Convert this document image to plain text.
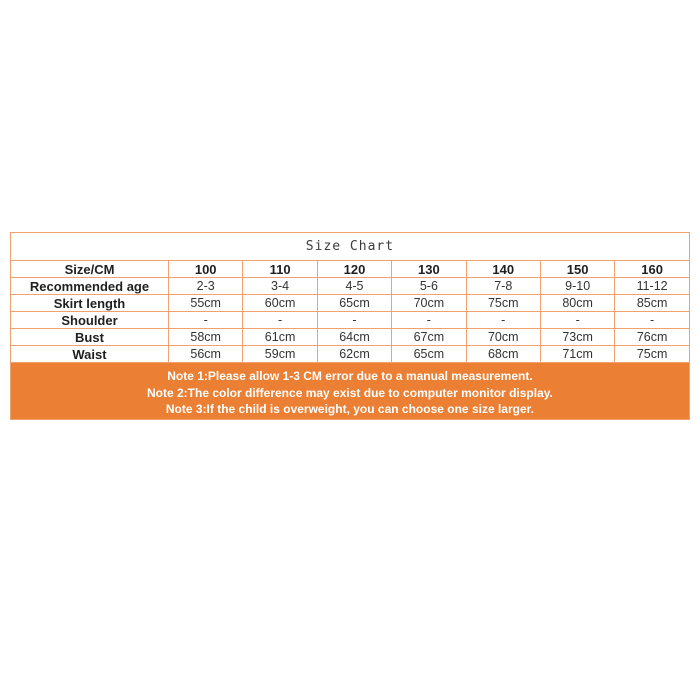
Size Chart							
Size/CM	100	110	120	130	140	150	160
Recommended age	2-3	3-4	4-5	5-6	7-8	9-10	11-12
Skirt length	55cm	60cm	65cm	70cm	75cm	80cm	85cm
Shoulder	-	-	-	-	-	-	-
Bust	58cm	61cm	64cm	67cm	70cm	73cm	76cm
Waist	56cm	59cm	62cm	65cm	68cm	71cm	75cm

Note 1:Please allow 1-3 CM error due to a manual measurement.
Note 2:The color difference may exist due to computer monitor display.
Note 3:If the child is overweight, you can choose one size larger.							
